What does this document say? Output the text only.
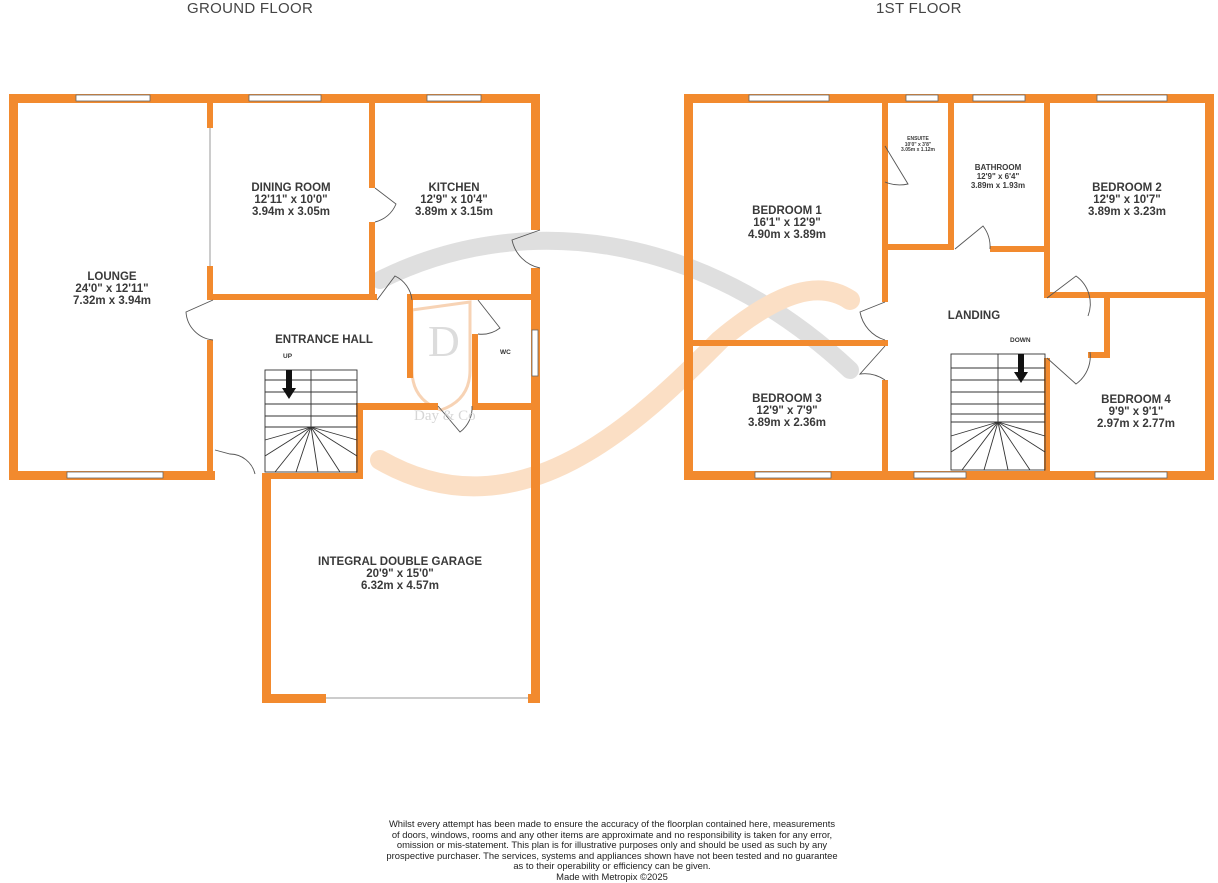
D
Day & Co
GROUND FLOOR	1ST FLOOR
LOUNGE
24'0" x 12'11"
7.32m x 3.94m
DINING ROOM
12'11" x 10'0"
3.94m x 3.05m
KITCHEN
12'9" x 10'4"
3.89m x 3.15m
ENTRANCE HALL
WC
UP
INTEGRAL DOUBLE GARAGE
20'9" x 15'0"
6.32m x 4.57m
BEDROOM 1
16'1" x 12'9"
4.90m x 3.89m
ENSUITE
10'0" x 3'8"
3.05m x 1.12m
BATHROOM
12'9" x 6'4"
3.89m x 1.93m	BEDROOM 2
12'9" x 10'7"
3.89m x 3.23m
LANDING
DOWN
BEDROOM 3
12'9" x 7'9"
3.89m x 2.36m
BEDROOM 4
9'9" x 9'1"
2.97m x 2.77m
Whilst every attempt has been made to ensure the accuracy of the floorplan contained here, measurements
of doors, windows, rooms and any other items are approximate and no responsibility is taken for any error,
omission or mis-statement. This plan is for illustrative purposes only and should be used as such by any
prospective purchaser. The services, systems and appliances shown have not been tested and no guarantee
as to their operability or efficiency can be given.
Made with Metropix ©2025
